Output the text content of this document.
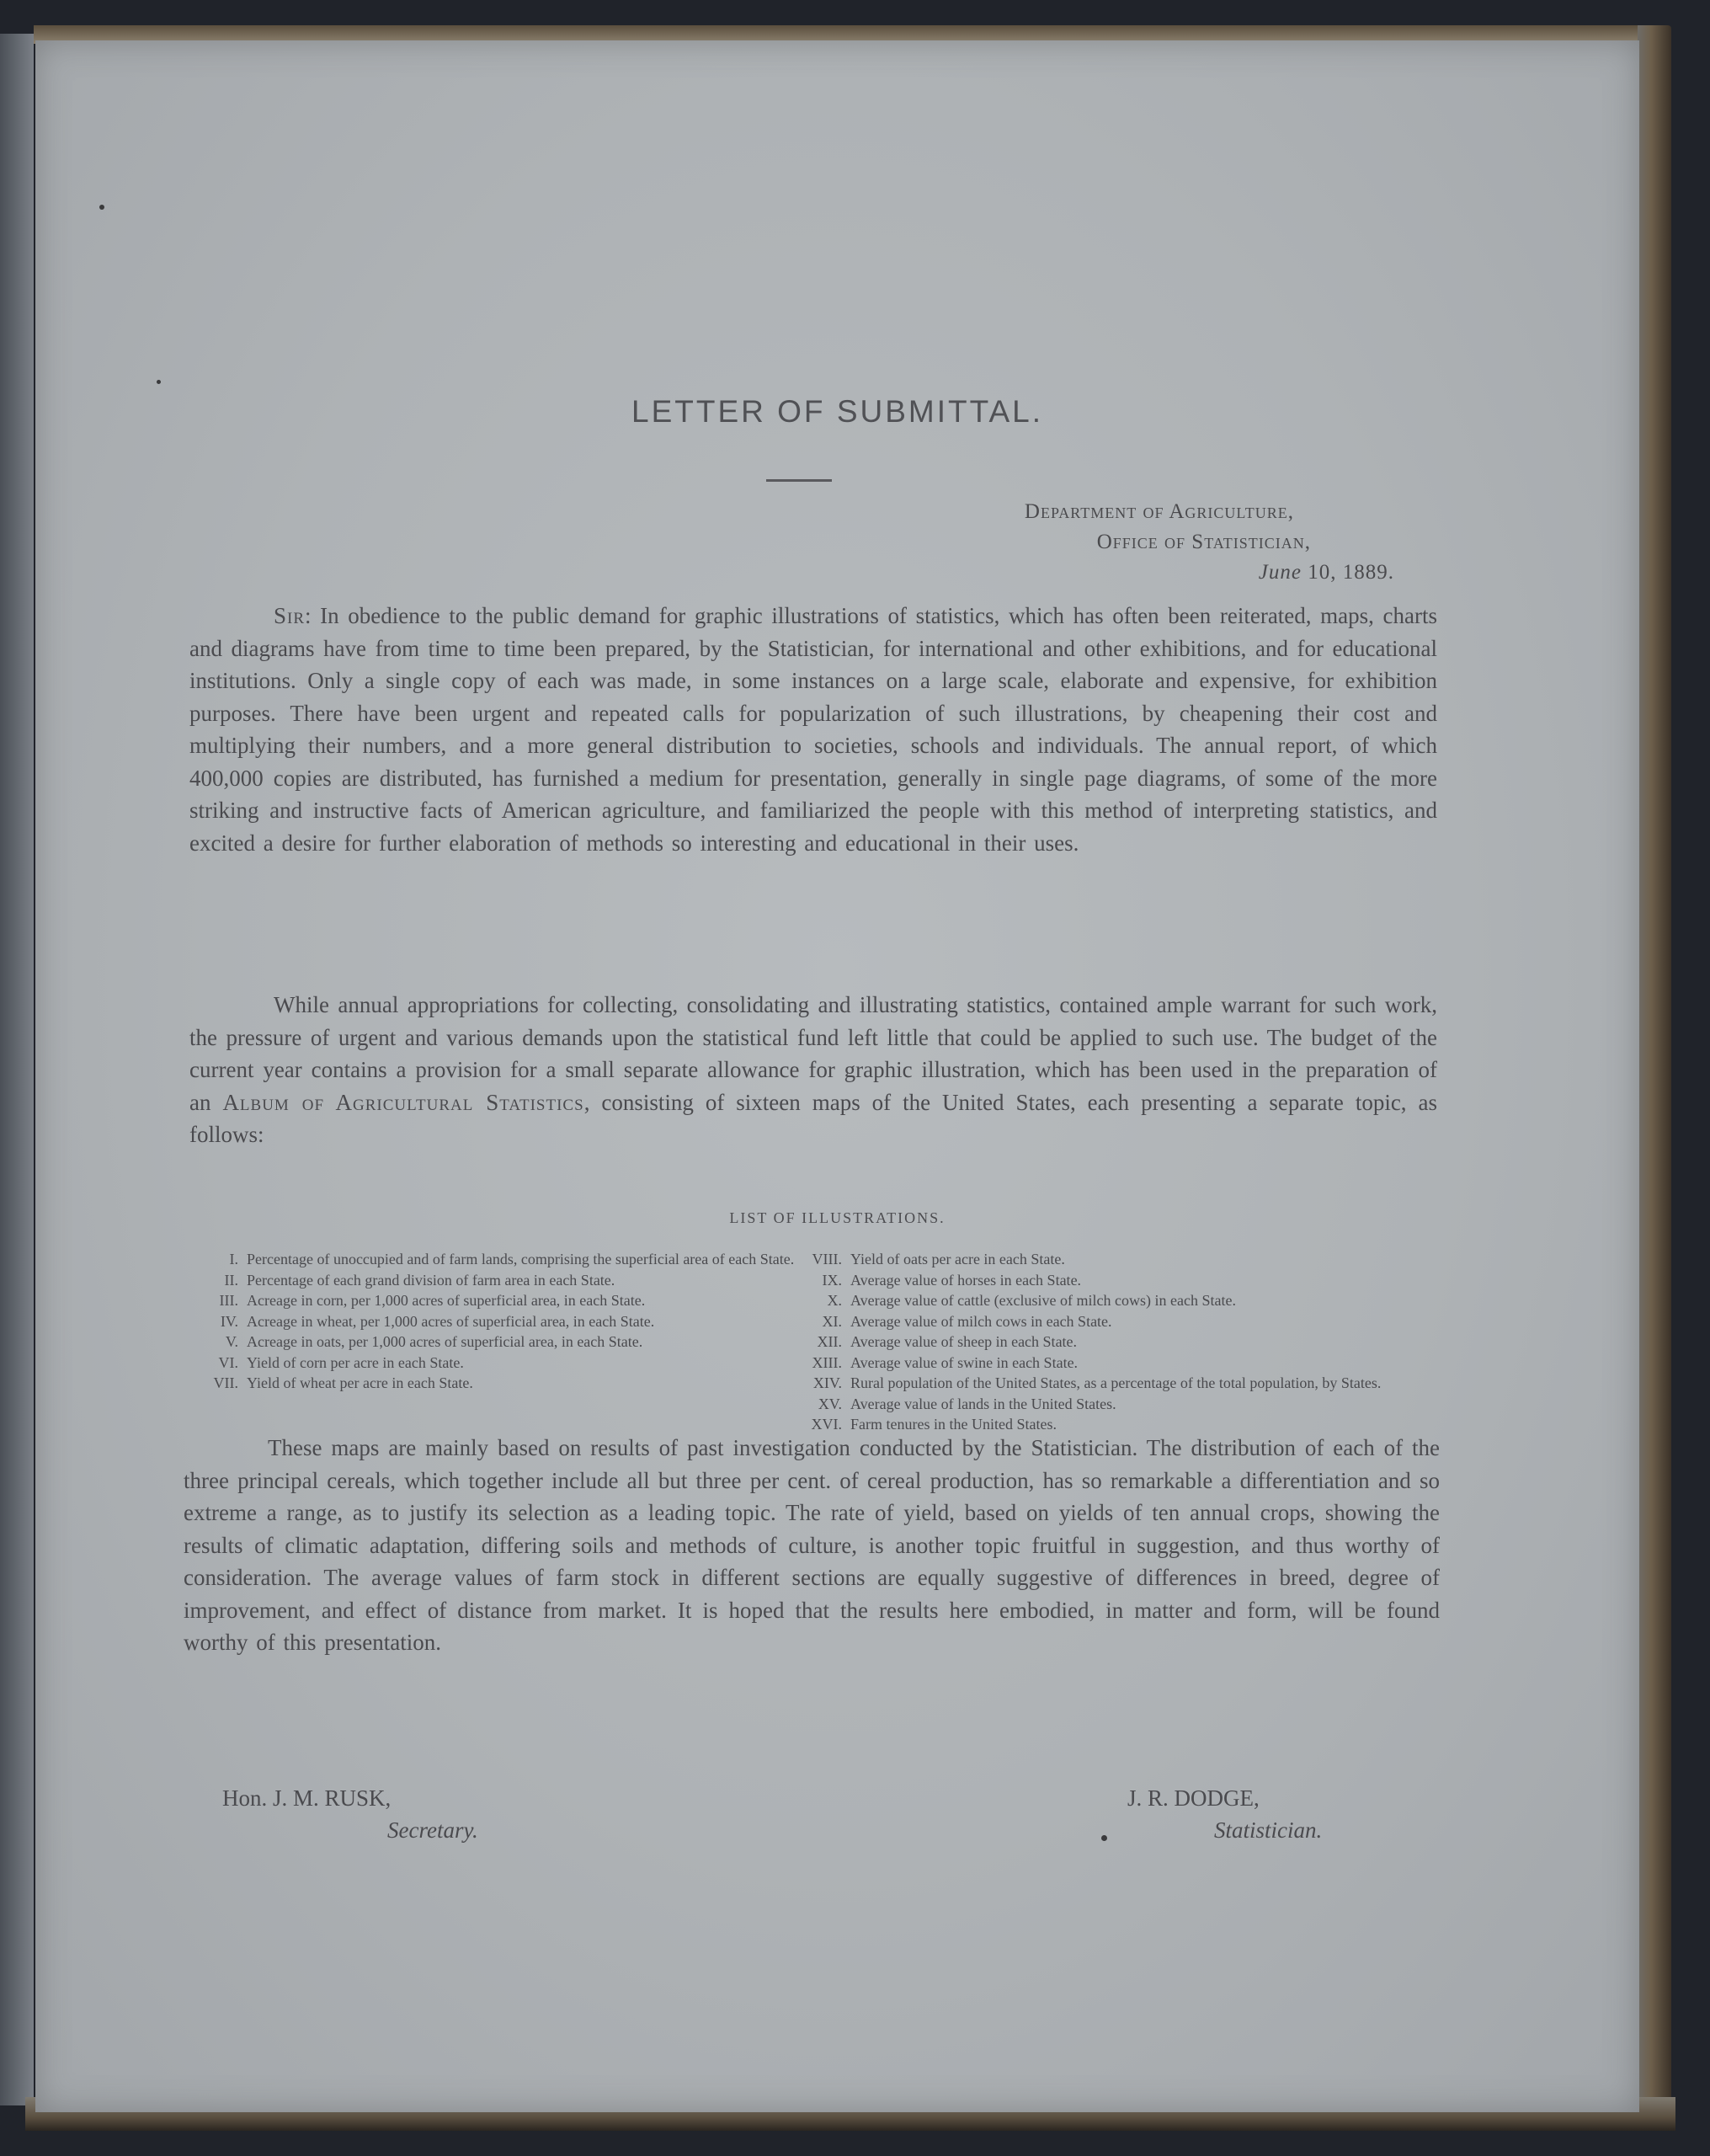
LETTER OF SUBMITTAL.
Department of Agriculture,
Office of Statistician,
June 10, 1889.
Sir: In obedience to the public demand for graphic illustrations of statistics, which has often been reiterated, maps, charts and diagrams have from time to time been prepared, by the Statistician, for international and other exhibitions, and for educational institutions. Only a single copy of each was made, in some instances on a large scale, elaborate and expensive, for exhibition purposes. There have been urgent and repeated calls for popularization of such illustrations, by cheapening their cost and multiplying their numbers, and a more general distribution to societies, schools and individuals. The annual report, of which 400,000 copies are distributed, has furnished a medium for presentation, generally in single page diagrams, of some of the more striking and instructive facts of American agriculture, and familiarized the people with this method of interpreting statistics, and excited a desire for further elaboration of methods so interesting and educational in their uses.
While annual appropriations for collecting, consolidating and illustrating statistics, contained ample warrant for such work, the pressure of urgent and various demands upon the statistical fund left little that could be applied to such use. The budget of the current year contains a provision for a small separate allowance for graphic illustration, which has been used in the preparation of an Album of Agricultural Statistics, consisting of sixteen maps of the United States, each presenting a separate topic, as follows:
LIST OF ILLUSTRATIONS.
I. Percentage of unoccupied and of farm lands, comprising the superficial area of each State.
II. Percentage of each grand division of farm area in each State.
III. Acreage in corn, per 1,000 acres of superficial area, in each State.
IV. Acreage in wheat, per 1,000 acres of superficial area, in each State.
V. Acreage in oats, per 1,000 acres of superficial area, in each State.
VI. Yield of corn per acre in each State.
VII. Yield of wheat per acre in each State.
VIII. Yield of oats per acre in each State.
IX. Average value of horses in each State.
X. Average value of cattle (exclusive of milch cows) in each State.
XI. Average value of milch cows in each State.
XII. Average value of sheep in each State.
XIII. Average value of swine in each State.
XIV. Rural population of the United States, as a percentage of the total population, by States.
XV. Average value of lands in the United States.
XVI. Farm tenures in the United States.
These maps are mainly based on results of past investigation conducted by the Statistician. The distribution of each of the three principal cereals, which together include all but three per cent. of cereal production, has so remarkable a differentiation and so extreme a range, as to justify its selection as a leading topic. The rate of yield, based on yields of ten annual crops, showing the results of climatic adaptation, differing soils and methods of culture, is another topic fruitful in suggestion, and thus worthy of consideration. The average values of farm stock in different sections are equally suggestive of differences in breed, degree of improvement, and effect of distance from market. It is hoped that the results here embodied, in matter and form, will be found worthy of this presentation.
Hon. J. M. RUSK,
Secretary.
J. R. DODGE,
Statistician.
